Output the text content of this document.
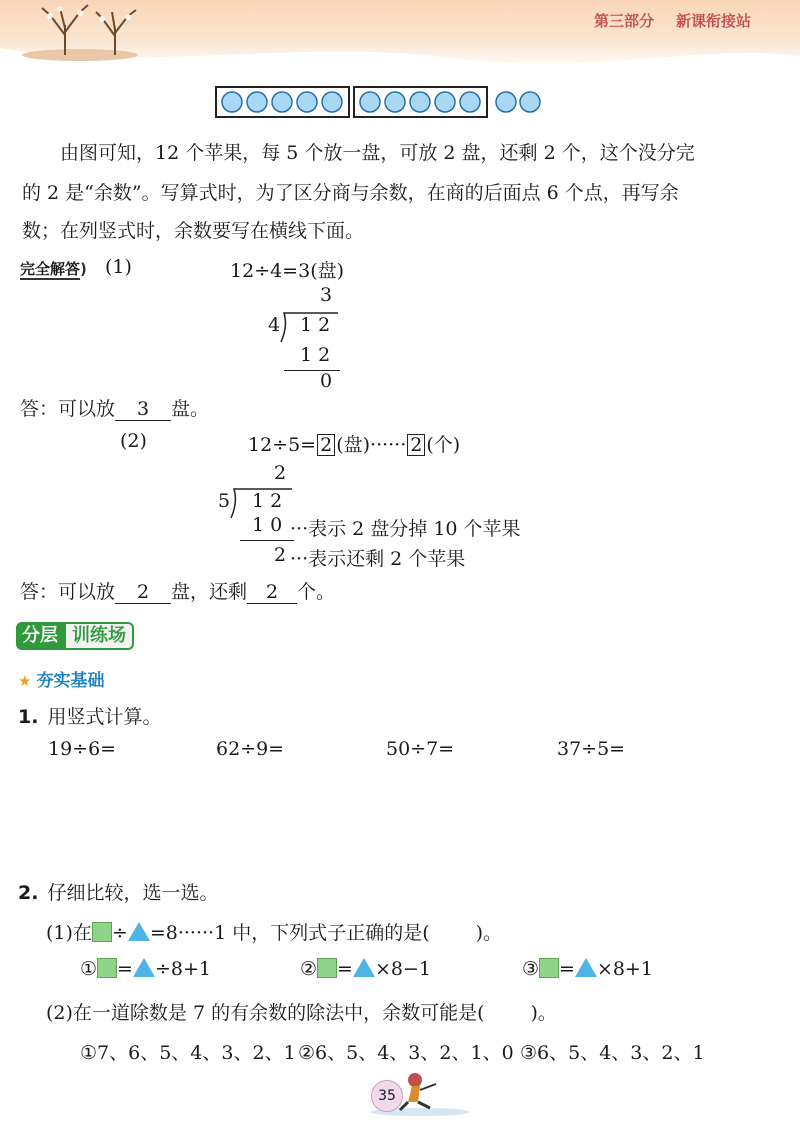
第三部分 新课衔接站
由图可知，12 个苹果，每 5 个放一盘，可放 2 盘，还剩 2 个，这个没分完
的 2 是“余数”。写算式时，为了区分商与余数，在商的后面点 6 个点，再写余
数；在列竖式时，余数要写在横线下面。
完全解答) (1)	12÷4=3(盘)
3
4 1 2
1 2
0
答：可以放 3 盘。
(2)	12÷5= 2 (盘)······ 2 (个)
2
5 1 2
1 0 ···表示 2 盘分掉 10 个苹果
2 ···表示还剩 2 个苹果
答：可以放 2 盘，还剩 2 个。
分层 训练场
★ 夯实基础
1. 用竖式计算。
19÷6=	62÷9=	50÷7=	37÷5=
2. 仔细比较，选一选。
(1)在 ÷ =8······1 中，下列式子正确的是( )。
① = ÷8+1	② = ×8−1	③ = ×8+1
(2)在一道除数是 7 的有余数的除法中，余数可能是( )。
①7、6、5、4、3、2、1 ②6、5、4、3、2、1、0 ③6、5、4、3、2、1
35
